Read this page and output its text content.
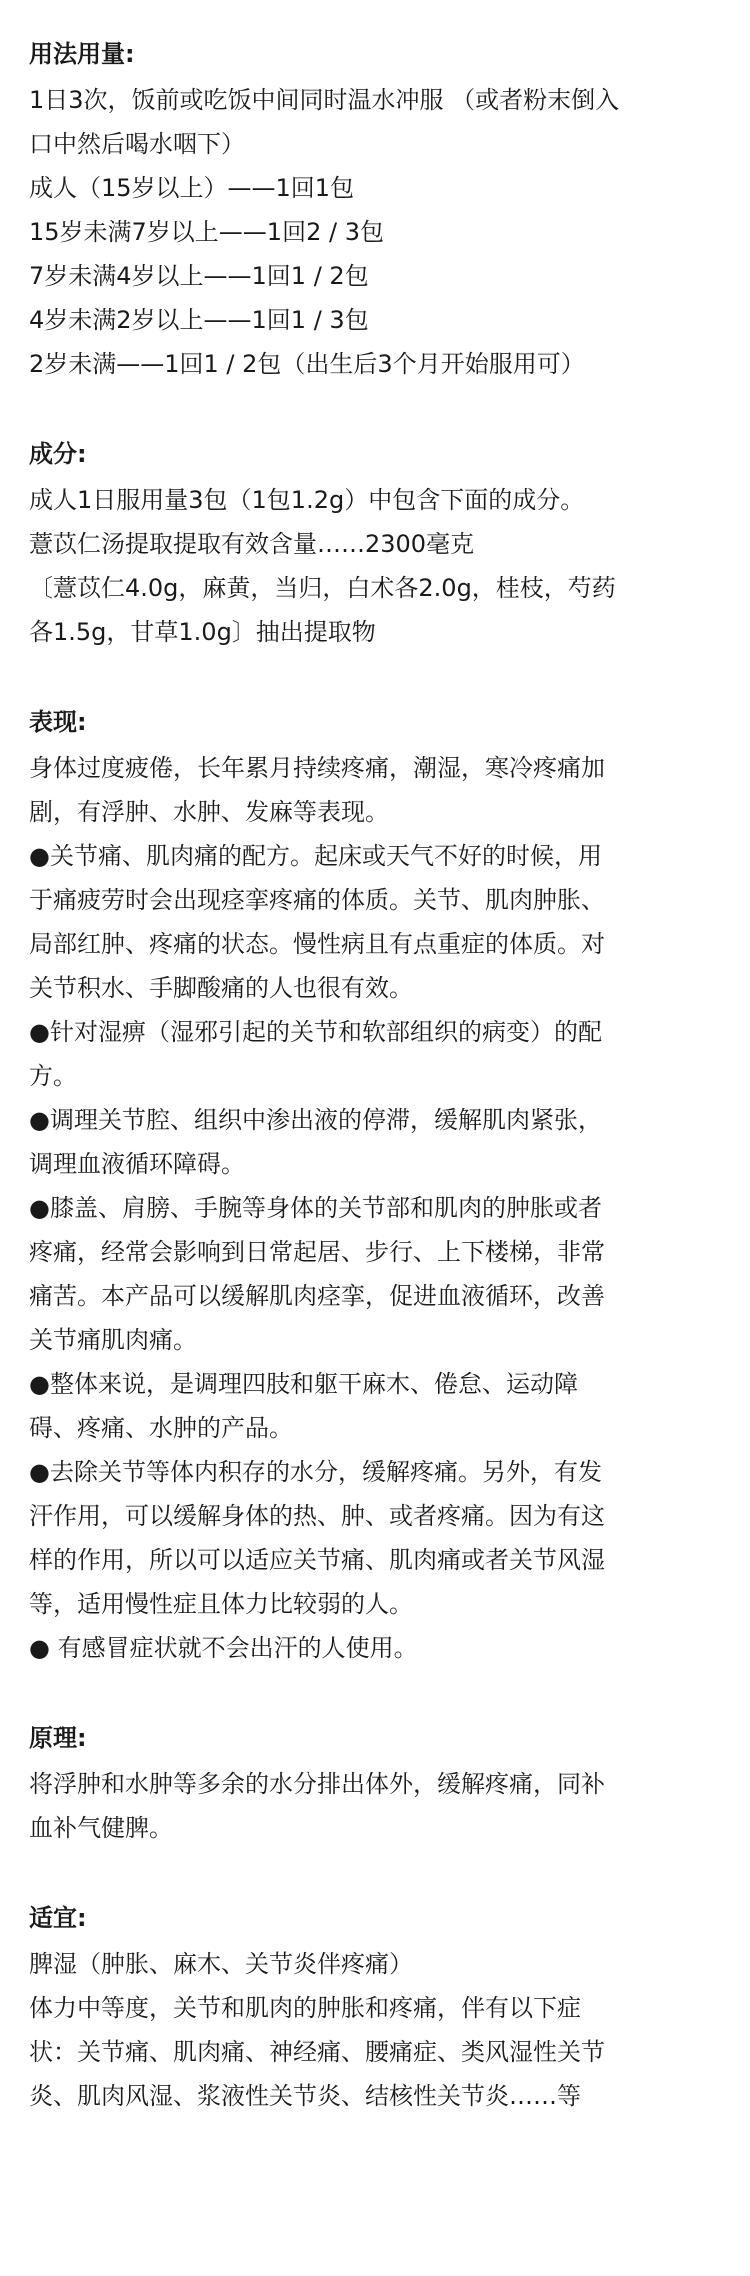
用法用量:
1日3次，饭前或吃饭中间同时温水冲服 （或者粉末倒入
口中然后喝水咽下）
成人（15岁以上）——1回1包
15岁未满7岁以上——1回2 / 3包
7岁未满4岁以上——1回1 / 2包
4岁未满2岁以上——1回1 / 3包
2岁未满——1回1 / 2包（出生后3个月开始服用可）
成分:
成人1日服用量3包（1包1.2g）中包含下面的成分。
薏苡仁汤提取提取有效含量……2300毫克
〔薏苡仁4.0g，麻黄，当归，白术各2.0g，桂枝，芍药
各1.5g，甘草1.0g〕抽出提取物
表现:
身体过度疲倦，长年累月持续疼痛，潮湿，寒冷疼痛加
剧，有浮肿、水肿、发麻等表现。
●关节痛、肌肉痛的配方。起床或天气不好的时候，用
于痛疲劳时会出现痉挛疼痛的体质。关节、肌肉肿胀、
局部红肿、疼痛的状态。慢性病且有点重症的体质。对
关节积水、手脚酸痛的人也很有效。
●针对湿痹（湿邪引起的关节和软部组织的病变）的配
方。
●调理关节腔、组织中渗出液的停滞，缓解肌肉紧张，
调理血液循环障碍。
●膝盖、肩膀、手腕等身体的关节部和肌肉的肿胀或者
疼痛，经常会影响到日常起居、步行、上下楼梯，非常
痛苦。本产品可以缓解肌肉痉挛，促进血液循环，改善
关节痛肌肉痛。
●整体来说，是调理四肢和躯干麻木、倦怠、运动障
碍、疼痛、水肿的产品。
●去除关节等体内积存的水分，缓解疼痛。另外，有发
汗作用，可以缓解身体的热、肿、或者疼痛。因为有这
样的作用，所以可以适应关节痛、肌肉痛或者关节风湿
等，适用慢性症且体力比较弱的人。
● 有感冒症状就不会出汗的人使用。
原理:
将浮肿和水肿等多余的水分排出体外，缓解疼痛，同补
血补气健脾。
适宜:
脾湿（肿胀、麻木、关节炎伴疼痛）
体力中等度，关节和肌肉的肿胀和疼痛，伴有以下症
状：关节痛、肌肉痛、神经痛、腰痛症、类风湿性关节
炎、肌肉风湿、浆液性关节炎、结核性关节炎……等
